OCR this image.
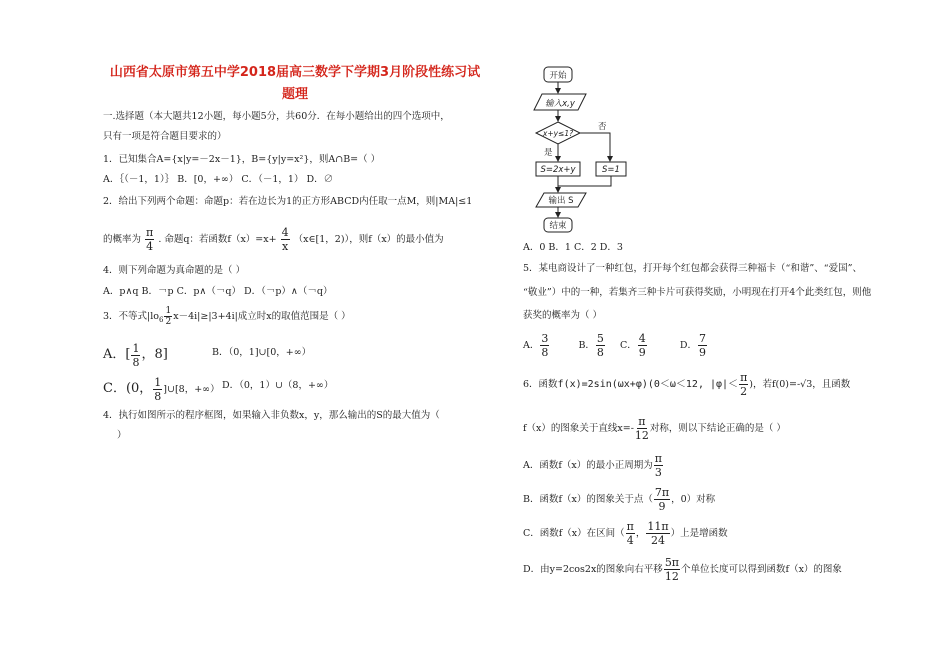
山西省太原市第五中学2018届高三数学下学期3月阶段性练习试
题理
一.选择题（本大题共12小题，每小题5分，共60分．在每小题给出的四个选项中，
只有一项是符合题目要求的）
1．已知集合A={x|y=－2x－1}，B={y|y=x²}，则A∩B=（ ）
A．｛（－1，1）｝ B．[0，+∞） C．（－1，1） D．∅
2．给出下列两个命题：命题p：若在边长为1的正方形ABCD内任取一点M，则|MA|≤1
的概率为 $\frac{\pi}{4}$ . 命题q：若函数$f(x)=x+ \frac{4}{x}$ （x∈[1，2)），则f（x）的最小值为
4．则下列命题为真命题的是（ ）
A．p∧q B．￢p C．p∧（￢q） D．（￢p）∧（￢q）
3．不等式$|lo_6 \frac{1}{2} x-4i|\ge|3+4i|$成立时x的取值范围是（ ）
A．[ $\frac{1}{8}$ ，8]	B．（0，1]∪[0，+∞）
C．(0， $\frac{1}{8}$ ]∪[8，+∞） D．（0，1）∪（8，+∞）
4．执行如图所示的程序框图，如果输入非负数x，y，那么输出的S的最大值为（
）
A．0 B．1 C．2 D．3
开始
输入x,y
x+y≤1?
是
否
S=2x+y	S=1
输出 S
结束
5．某电商设计了一种红包，打开每个红包都会获得三种福卡（“和谐”、“爱国”、
“敬业”）中的一种，若集齐三种卡片可获得奖励，小明现在打开4个此类红包，则他
获奖的概率为（ ）
A． $\frac{3}{8}$	B． $\frac{5}{8}$ C． $\frac{4}{9}$	D． $\frac{7}{9}$
6．函数f(x)=2sin(ωx+φ)(0＜ω＜12, $|\varphi|< \frac{\pi}{2}$ )，若f(0)=-√3，且函数
f（x）的图象关于直线$x=- \frac{\pi}{12}$ 对称，则以下结论正确的是（ ）
A．函数f（x）的最小正周期为 $\frac{\pi}{3}$
B．函数f（x）的图象关于点（ $\frac{7\pi}{9}$ ，0）对称
C．函数f（x）在区间（ $\frac{\pi}{4}$ ， $\frac{11\pi}{24}$ ）上是增函数
D．由y=2cos2x的图象向右平移 $\frac{5\pi}{12}$ 个单位长度可以得到函数f（x）的图象
